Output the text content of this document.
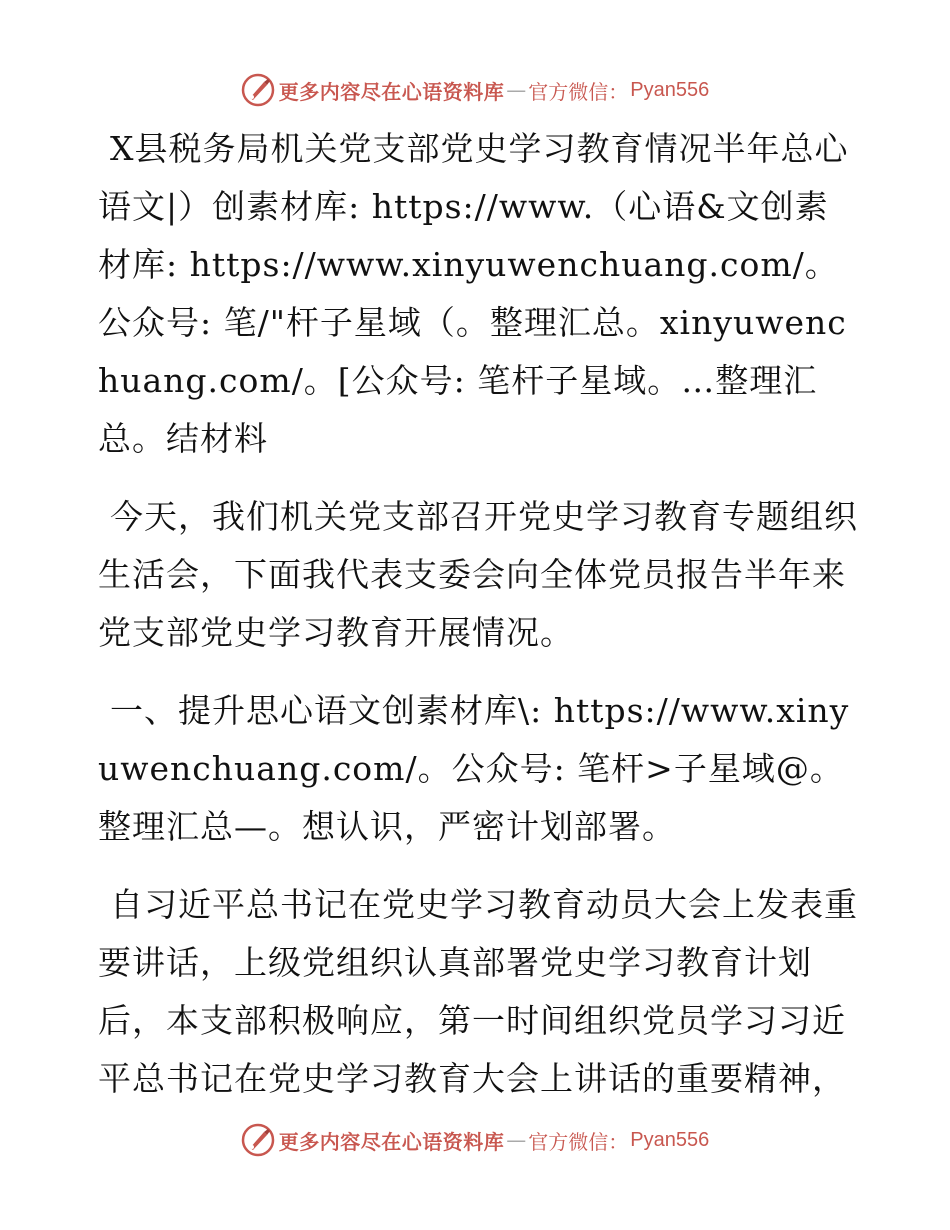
更多内容尽在心语资料库 — 官方微信： Pyan556

X县税务局机关党支部党史学习教育情况半年总心语文|）创素材库: https://www.（心语&文创素材库: https://www.xinyuwenchuang.com/。公众号: 笔/"杆子星域（。整理汇总。xinyuwenchuang.com/。[公众号: 笔杆子星域。…整理汇总。结材料

今天，我们机关党支部召开党史学习教育专题组织生活会，下面我代表支委会向全体党员报告半年来党支部党史学习教育开展情况。

一、提升思心语文创素材库\: https://www.xinyuwenchuang.com/。公众号: 笔杆>子星域@。整理汇总—。想认识，严密计划部署。

自习近平总书记在党史学习教育动员大会上发表重要讲话，上级党组织认真部署党史学习教育计划后，本支部积极响应，第一时间组织党员学习习近平总书记在党史学习教育大会上讲话的重要精神，

更多内容尽在心语资料库 — 官方微信： Pyan556
